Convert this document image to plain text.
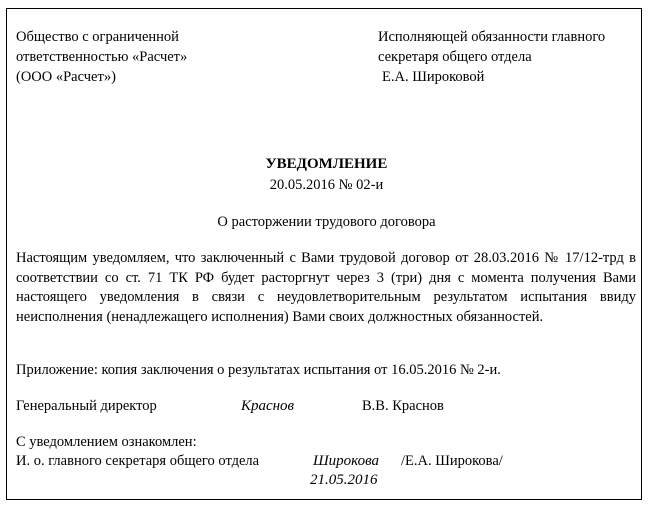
Общество с ограниченной
ответственностью «Расчет»
(ООО «Расчет»)
Исполняющей обязанности главного
секретаря общего отдела
Е.А. Широковой
УВЕДОМЛЕНИЕ
20.05.2016 № 02-и
О расторжении трудового договора
Настоящим уведомляем, что заключенный с Вами трудовой договор от 28.03.2016 № 17/12-трд в соответствии со ст. 71 ТК РФ будет расторгнут через 3 (три) дня с момента получения Вами настоящего уведомления в связи с неудовлетворительным результатом испытания ввиду неисполнения (ненадлежащего исполнения) Вами своих должностных обязанностей.
Приложение: копия заключения о результатах испытания от 16.05.2016 № 2-и.
Генеральный директор	Краснов	В.В. Краснов
С уведомлением ознакомлен:
И. о. главного секретаря общего отдела	Широкова /Е.А. Широкова/
21.05.2016
